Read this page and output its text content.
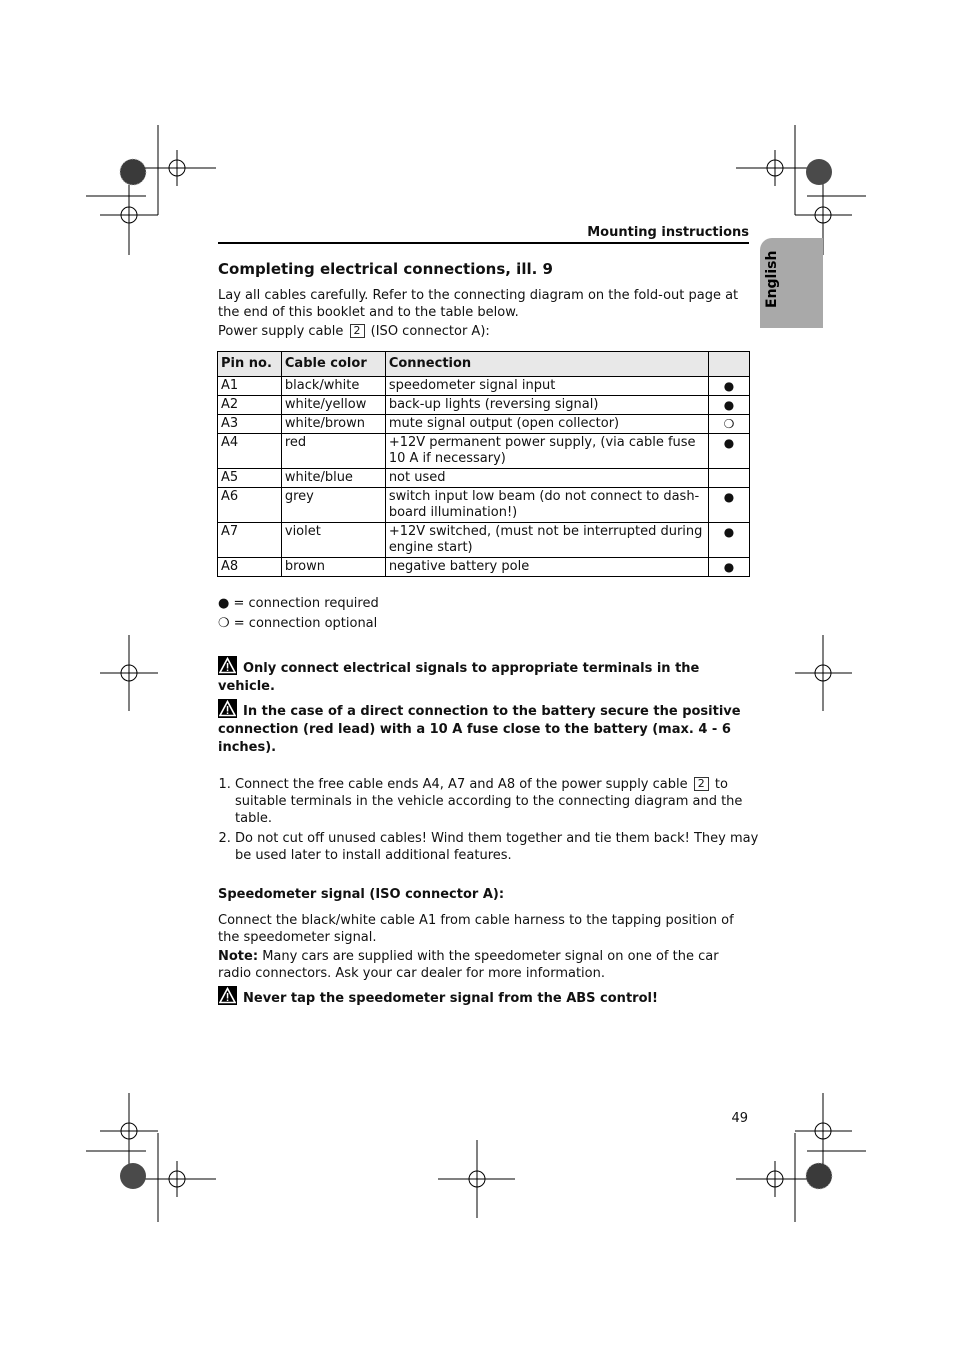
Mounting instructions
English
Completing electrical connections, ill. 9
Lay all cables carefully. Refer to the connecting diagram on the fold-out page at the end of this booklet and to the table below.
Power supply cable 2 (ISO connector A):
Pin no.	Cable color	Connection	
A1	black/white	speedometer signal input	●
A2	white/yellow	back-up lights (reversing signal)	●
A3	white/brown	mute signal output (open collector)	❍
A4	red	+12V permanent power supply, (via cable fuse 10 A if necessary)	●
A5	white/blue	not used	
A6	grey	switch input low beam (do not connect to dash-board illumination!)	●
A7	violet	+12V switched, (must not be interrupted during engine start)	●
A8	brown	negative battery pole	●
● = connection required
❍ = connection optional
Only connect electrical signals to appropriate terminals in the vehicle.
In the case of a direct connection to the battery secure the positive connection (red lead) with a 10 A fuse close to the battery (max. 4 - 6 inches).
1. Connect the free cable ends A4, A7 and A8 of the power supply cable 2 to suitable terminals in the vehicle according to the connecting diagram and the table.
2. Do not cut off unused cables! Wind them together and tie them back! They may be used later to install additional features.
Speedometer signal (ISO connector A):
Connect the black/white cable A1 from cable harness to the tapping position of the speedometer signal.
Note: Many cars are supplied with the speedometer signal on one of the car radio connectors. Ask your car dealer for more information.
Never tap the speedometer signal from the ABS control!
49
